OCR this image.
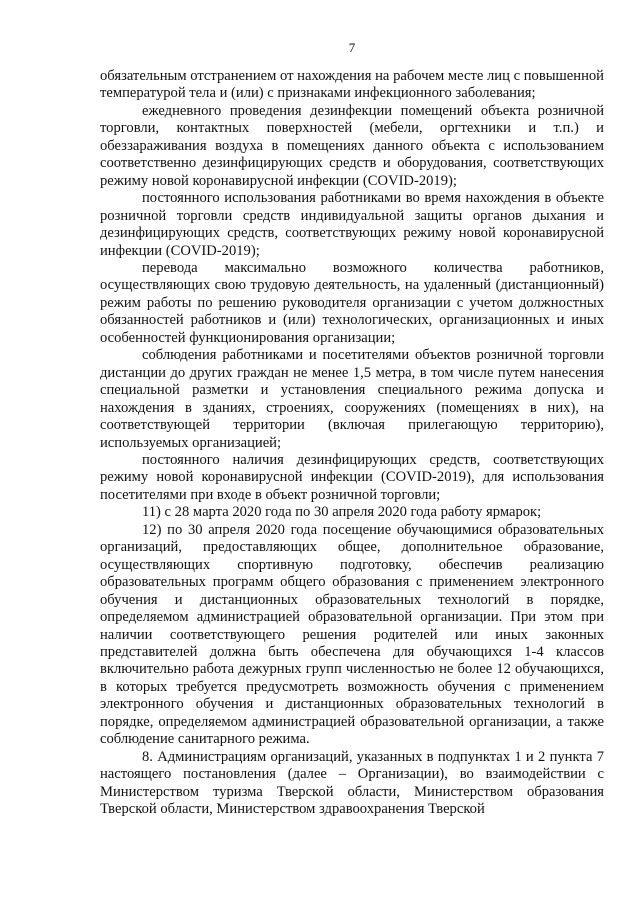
7

обязательным отстранением от нахождения на рабочем месте лиц с повышенной температурой тела и (или) с признаками инфекционного заболевания;

ежедневного проведения дезинфекции помещений объекта розничной торговли, контактных поверхностей (мебели, оргтехники и т.п.) и обеззараживания воздуха в помещениях данного объекта с использованием соответственно дезинфицирующих средств и оборудования, соответствующих режиму новой коронавирусной инфекции (COVID-2019);

постоянного использования работниками во время нахождения в объекте розничной торговли средств индивидуальной защиты органов дыхания и дезинфицирующих средств, соответствующих режиму новой коронавирусной инфекции (COVID-2019);

перевода максимально возможного количества работников, осуществляющих свою трудовую деятельность, на удаленный (дистанционный) режим работы по решению руководителя организации с учетом должностных обязанностей работников и (или) технологических, организационных и иных особенностей функционирования организации;

соблюдения работниками и посетителями объектов розничной торговли дистанции до других граждан не менее 1,5 метра, в том числе путем нанесения специальной разметки и установления специального режима допуска и нахождения в зданиях, строениях, сооружениях (помещениях в них), на соответствующей территории (включая прилегающую территорию), используемых организацией;

постоянного наличия дезинфицирующих средств, соответствующих режиму новой коронавирусной инфекции (COVID-2019), для использования посетителями при входе в объект розничной торговли;

11) с 28 марта 2020 года по 30 апреля 2020 года работу ярмарок;

12) по 30 апреля 2020 года посещение обучающимися образовательных организаций, предоставляющих общее, дополнительное образование, осуществляющих спортивную подготовку, обеспечив реализацию образовательных программ общего образования с применением электронного обучения и дистанционных образовательных технологий в порядке, определяемом администрацией образовательной организации. При этом при наличии соответствующего решения родителей или иных законных представителей должна быть обеспечена для обучающихся 1-4 классов включительно работа дежурных групп численностью не более 12 обучающихся, в которых требуется предусмотреть возможность обучения с применением электронного обучения и дистанционных образовательных технологий в порядке, определяемом администрацией образовательной организации, а также соблюдение санитарного режима.

8. Администрациям организаций, указанных в подпунктах 1 и 2 пункта 7 настоящего постановления (далее – Организации), во взаимодействии с Министерством туризма Тверской области, Министерством образования Тверской области, Министерством здравоохранения Тверской
